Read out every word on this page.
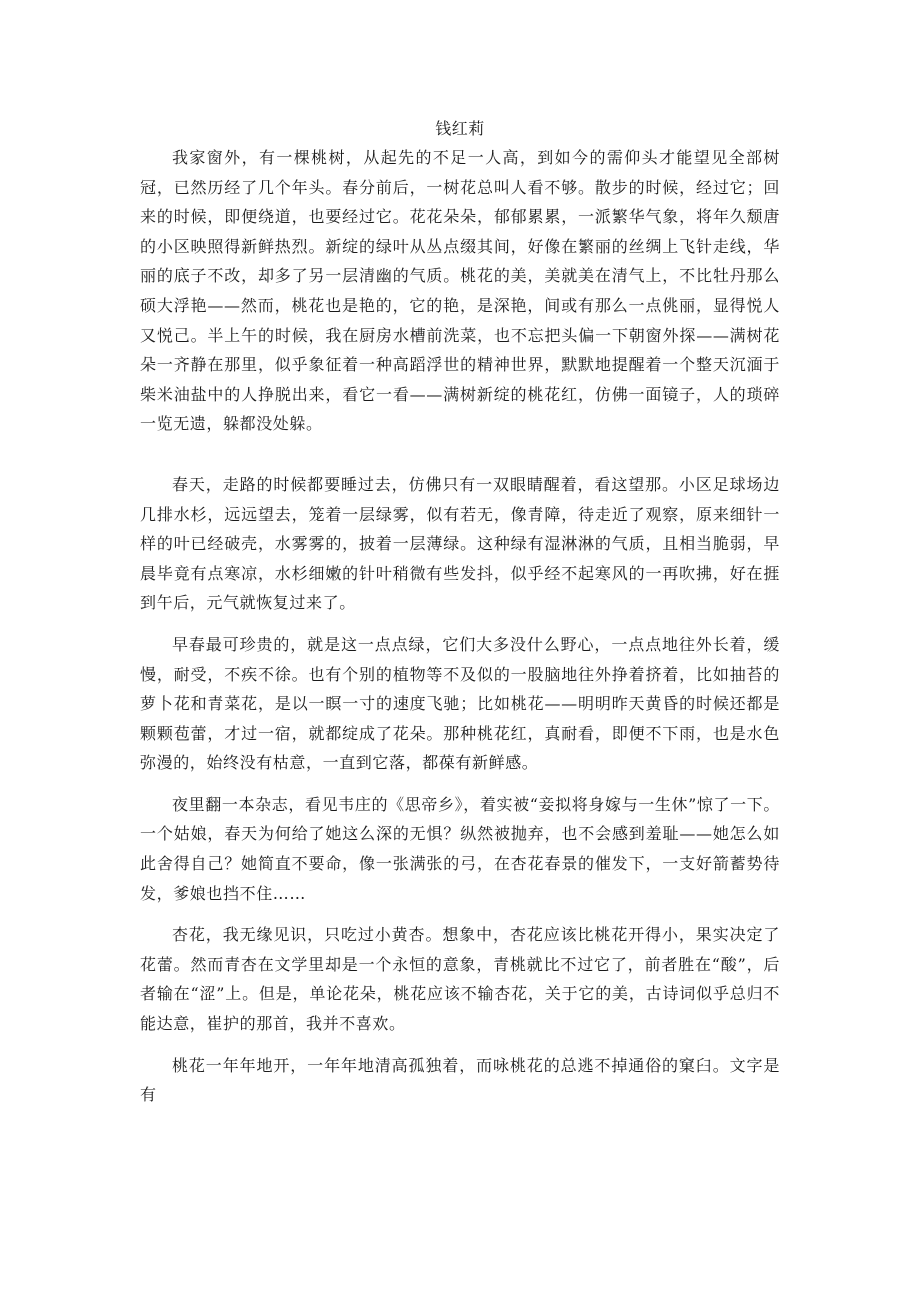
钱红莉

我家窗外，有一棵桃树，从起先的不足一人高，到如今的需仰头才能望见全部树冠，已然历经了几个年头。春分前后，一树花总叫人看不够。散步的时候，经过它；回来的时候，即便绕道，也要经过它。花花朵朵，郁郁累累，一派繁华气象，将年久颓唐的小区映照得新鲜热烈。新绽的绿叶从丛点缀其间，好像在繁丽的丝绸上飞针走线，华丽的底子不改，却多了另一层清幽的气质。桃花的美，美就美在清气上，不比牡丹那么硕大浮艳——然而，桃花也是艳的，它的艳，是深艳，间或有那么一点佻丽，显得悦人又悦己。半上午的时候，我在厨房水槽前洗菜，也不忘把头偏一下朝窗外探——满树花朵一齐静在那里，似乎象征着一种高蹈浮世的精神世界，默默地提醒着一个整天沉湎于柴米油盐中的人挣脱出来，看它一看——满树新绽的桃花红，仿佛一面镜子，人的琐碎一览无遗，躲都没处躲。

春天，走路的时候都要睡过去，仿佛只有一双眼睛醒着，看这望那。小区足球场边几排水杉，远远望去，笼着一层绿雾，似有若无，像青障，待走近了观察，原来细针一样的叶已经破壳，水雾雾的，披着一层薄绿。这种绿有湿淋淋的气质，且相当脆弱，早晨毕竟有点寒凉，水杉细嫩的针叶稍微有些发抖，似乎经不起寒风的一再吹拂，好在捱到午后，元气就恢复过来了。

早春最可珍贵的，就是这一点点绿，它们大多没什么野心，一点点地往外长着，缓慢，耐受，不疾不徐。也有个别的植物等不及似的一股脑地往外挣着挤着，比如抽苔的萝卜花和青菜花，是以一瞑一寸的速度飞驰；比如桃花——明明昨天黄昏的时候还都是颗颗苞蕾，才过一宿，就都绽成了花朵。那种桃花红，真耐看，即便不下雨，也是水色弥漫的，始终没有枯意，一直到它落，都葆有新鲜感。

夜里翻一本杂志，看见韦庄的《思帝乡》，着实被“妾拟将身嫁与一生休”惊了一下。一个姑娘，春天为何给了她这么深的无惧？纵然被抛弃，也不会感到羞耻——她怎么如此舍得自己？她简直不要命，像一张满张的弓，在杏花春景的催发下，一支好箭蓄势待发，爹娘也挡不住……

杏花，我无缘见识，只吃过小黄杏。想象中，杏花应该比桃花开得小，果实决定了花蕾。然而青杏在文学里却是一个永恒的意象，青桃就比不过它了，前者胜在“酸”，后者输在“涩”上。但是，单论花朵，桃花应该不输杏花，关于它的美，古诗词似乎总归不能达意，崔护的那首，我并不喜欢。

桃花一年年地开，一年年地清高孤独着，而咏桃花的总逃不掉通俗的窠臼。文字是有
